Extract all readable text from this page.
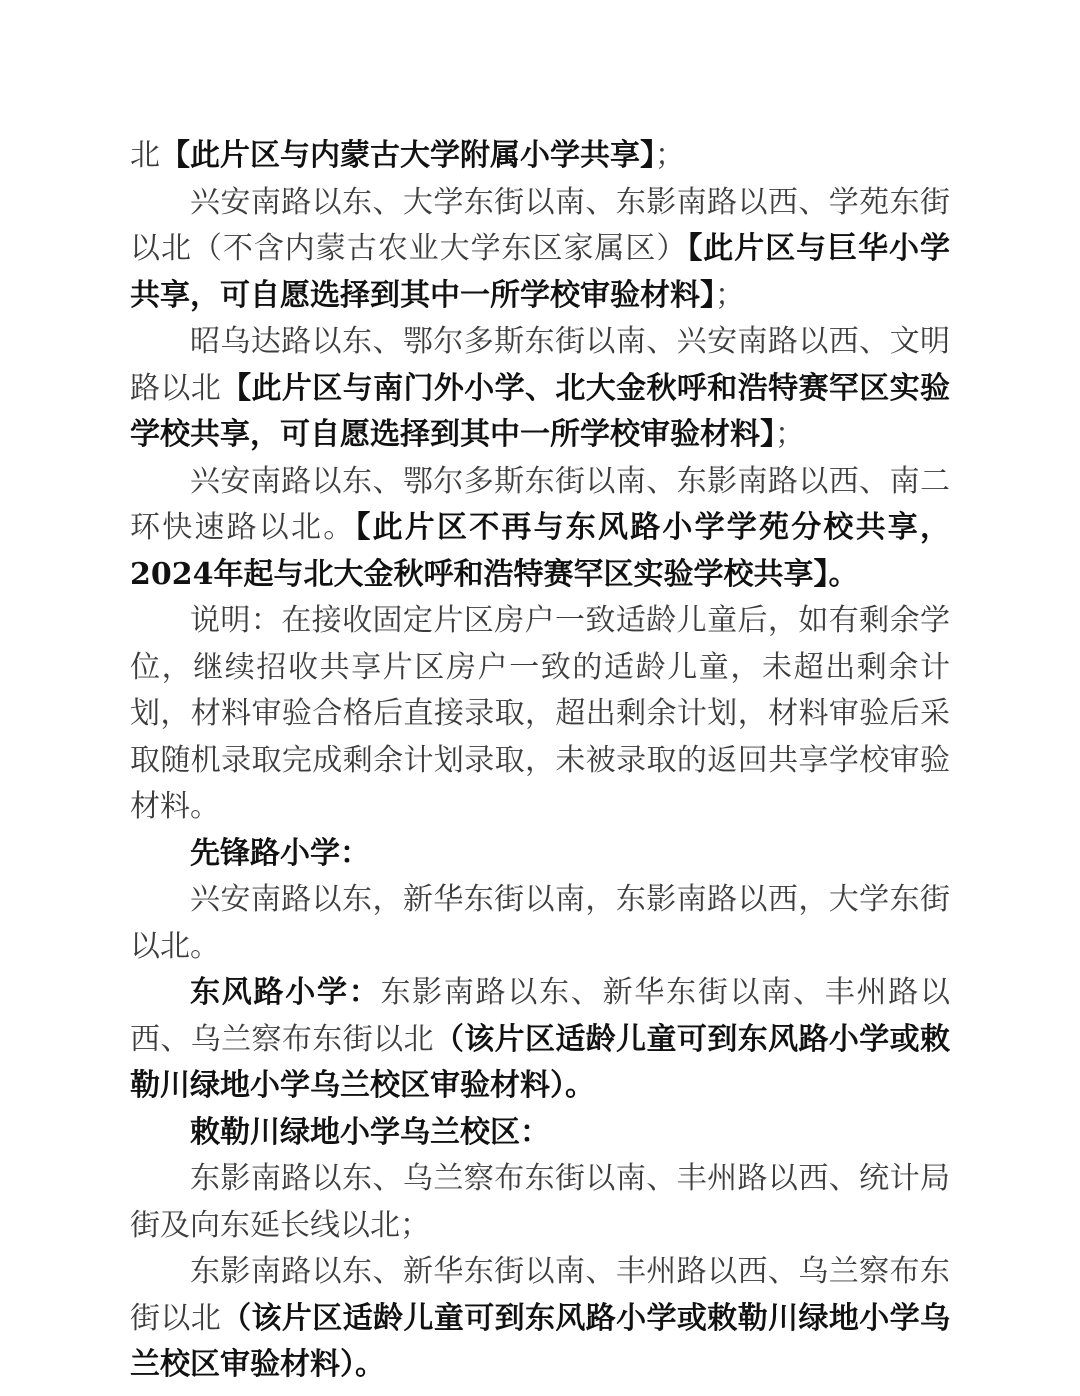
北【此片区与内蒙古大学附属小学共享】；

兴安南路以东、大学东街以南、东影南路以西、学苑东街以北（不含内蒙古农业大学东区家属区）【此片区与巨华小学共享，可自愿选择到其中一所学校审验材料】；

昭乌达路以东、鄂尔多斯东街以南、兴安南路以西、文明路以北【此片区与南门外小学、北大金秋呼和浩特赛罕区实验学校共享，可自愿选择到其中一所学校审验材料】；

兴安南路以东、鄂尔多斯东街以南、东影南路以西、南二环快速路以北。【此片区不再与东风路小学学苑分校共享，2024年起与北大金秋呼和浩特赛罕区实验学校共享】。

说明：在接收固定片区房户一致适龄儿童后，如有剩余学位，继续招收共享片区房户一致的适龄儿童，未超出剩余计划，材料审验合格后直接录取，超出剩余计划，材料审验后采取随机录取完成剩余计划录取，未被录取的返回共享学校审验材料。

先锋路小学：

兴安南路以东，新华东街以南，东影南路以西，大学东街以北。

东风路小学：东影南路以东、新华东街以南、丰州路以西、乌兰察布东街以北（该片区适龄儿童可到东风路小学或敕勒川绿地小学乌兰校区审验材料）。

敕勒川绿地小学乌兰校区：

东影南路以东、乌兰察布东街以南、丰州路以西、统计局街及向东延长线以北；

东影南路以东、新华东街以南、丰州路以西、乌兰察布东街以北（该片区适龄儿童可到东风路小学或敕勒川绿地小学乌兰校区审验材料）。
